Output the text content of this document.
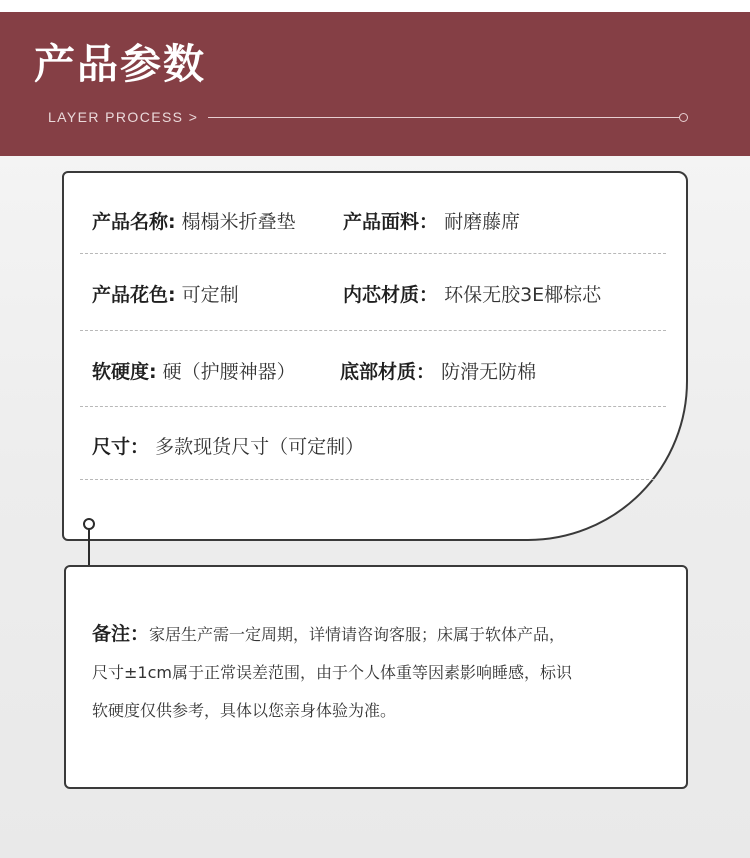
产品参数
LAYER PROCESS >
产品名称: 榻榻米折叠垫 产品面料： 耐磨藤席
产品花色: 可定制	内芯材质： 环保无胶3E椰棕芯
软硬度: 硬（护腰神器） 底部材质： 防滑无防棉
尺寸： 多款现货尺寸（可定制）
备注：家居生产需一定周期，详情请咨询客服；床属于软体产品，
尺寸±1cm属于正常误差范围，由于个人体重等因素影响睡感，标识
软硬度仅供参考，具体以您亲身体验为准。
